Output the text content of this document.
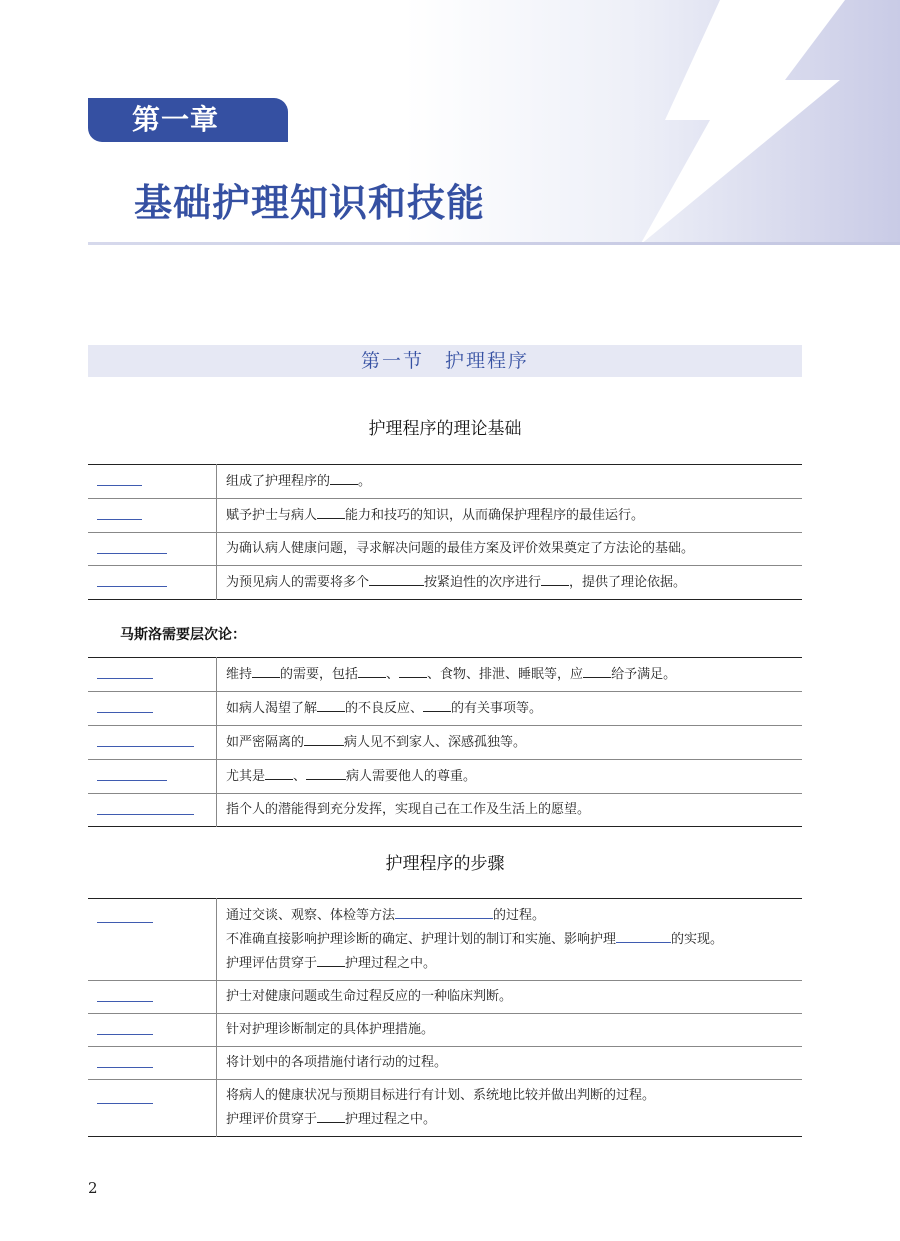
第一章
基础护理知识和技能
第一节　护理程序
护理程序的理论基础
	组成了护理程序的 。
	赋予护士与病人 能力和技巧的知识，从而确保护理程序的最佳运行。
	为确认病人健康问题，寻求解决问题的最佳方案及评价效果奠定了方法论的基础。
	为预见病人的需要将多个 按紧迫性的次序进行 ，提供了理论依据。
马斯洛需要层次论：
	维持 的需要，包括 、 、食物、排泄、睡眠等，应 给予满足。
	如病人渴望了解 的不良反应、 的有关事项等。
	如严密隔离的 病人见不到家人、深感孤独等。
	尤其是 、 病人需要他人的尊重。
	指个人的潜能得到充分发挥，实现自己在工作及生活上的愿望。
护理程序的步骤

	通过交谈、观察、体检等方法 的过程。
不准确直接影响护理诊断的确定、护理计划的制订和实施、影响护理 的实现。
护理评估贯穿于 护理过程之中。

	护士对健康问题或生命过程反应的一种临床判断。
	针对护理诊断制定的具体护理措施。
	将计划中的各项措施付诸行动的过程。

	将病人的健康状况与预期目标进行有计划、系统地比较并做出判断的过程。
护理评价贯穿于 护理过程之中。
2
